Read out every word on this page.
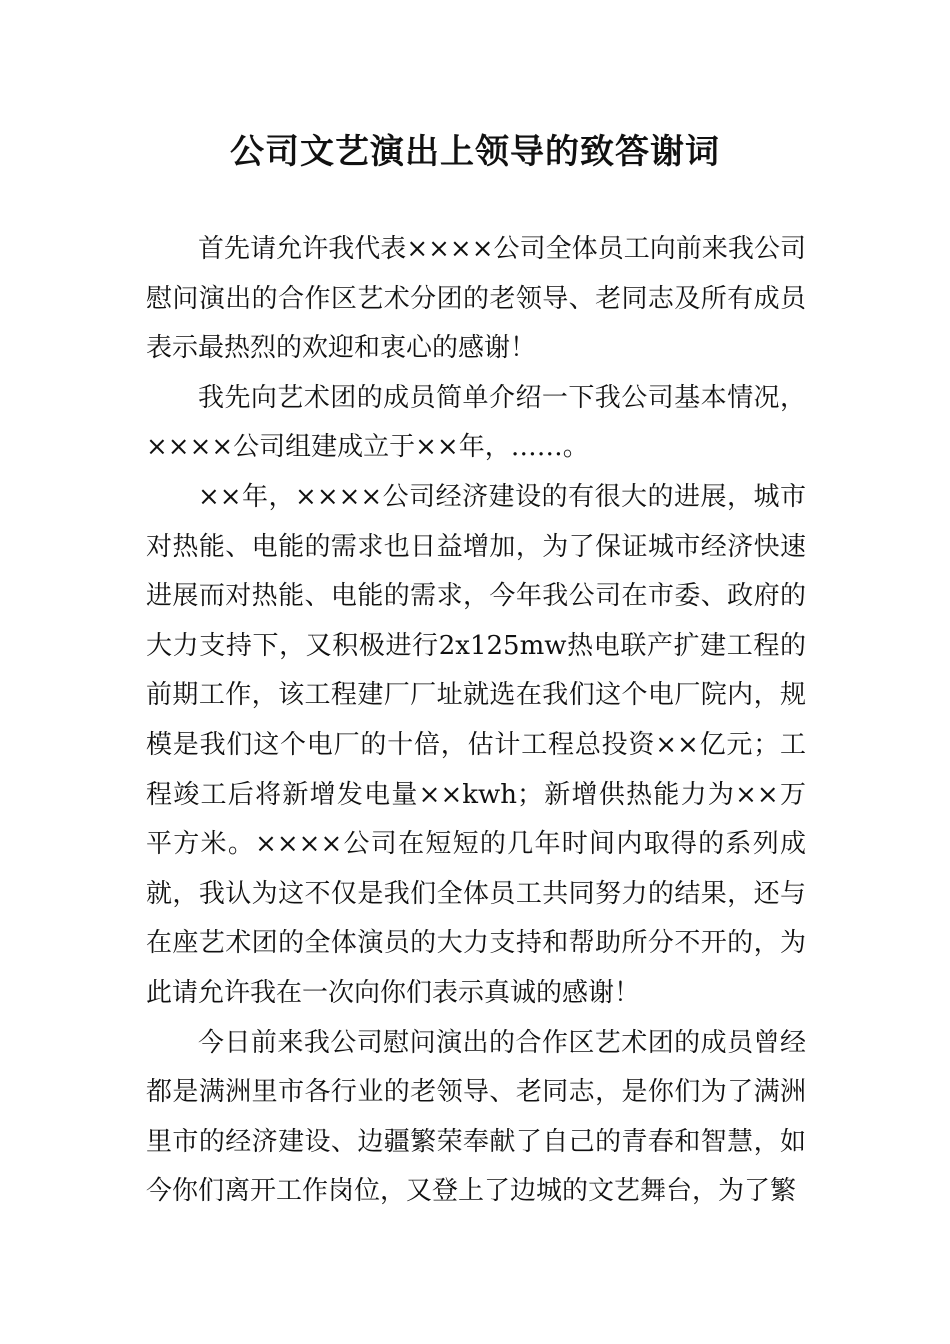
公司文艺演出上领导的致答谢词

首先请允许我代表××××公司全体员工向前来我公司慰问演出的合作区艺术分团的老领导、老同志及所有成员表示最热烈的欢迎和衷心的感谢！

我先向艺术团的成员简单介绍一下我公司基本情况，××××公司组建成立于××年，……。

××年，××××公司经济建设的有很大的进展，城市对热能、电能的需求也日益增加，为了保证城市经济快速进展而对热能、电能的需求，今年我公司在市委、政府的大力支持下，又积极进行2x125mw热电联产扩建工程的前期工作，该工程建厂厂址就选在我们这个电厂院内，规模是我们这个电厂的十倍，估计工程总投资××亿元；工程竣工后将新增发电量××kwh；新增供热能力为××万平方米。××××公司在短短的几年时间内取得的系列成就，我认为这不仅是我们全体员工共同努力的结果，还与在座艺术团的全体演员的大力支持和帮助所分不开的，为此请允许我在一次向你们表示真诚的感谢！

今日前来我公司慰问演出的合作区艺术团的成员曾经都是满洲里市各行业的老领导、老同志，是你们为了满洲里市的经济建设、边疆繁荣奉献了自己的青春和智慧，如今你们离开工作岗位，又登上了边城的文艺舞台，为了繁
